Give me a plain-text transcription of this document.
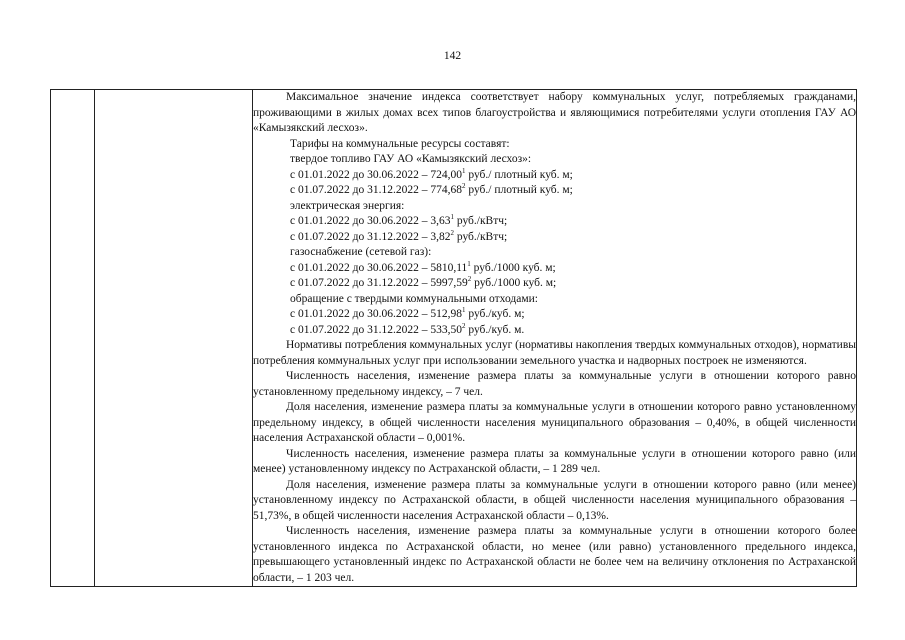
142

Максимальное значение индекса соответствует набору коммунальных услуг, потребляемых граждaнами, проживающими в жилых домах всех типов благоустройства и являющимися потребителями услуги отопления ГАУ АО «Камызякский лесхоз».
Тарифы на коммунальные ресурсы составят:
твердое топливо ГАУ АО «Камызякский лесхоз»:
с 01.01.2022 до 30.06.2022 – 724,00$^1$ руб./ плотный куб. м;
с 01.07.2022 до 31.12.2022 – 774,68$^2$ руб./ плотный куб. м;
электрическая энергия:
с 01.01.2022 до 30.06.2022 – 3,63$^1$ руб./кВтч;
с 01.07.2022 до 31.12.2022 – 3,82$^2$ руб./кВтч;
газоснабжение (сетевой газ):
с 01.01.2022 до 30.06.2022 – 5810,11$^1$ руб./1000 куб. м;
с 01.07.2022 до 31.12.2022 – 5997,59$^2$ руб./1000 куб. м;
обращение с твердыми коммунальными отходами:
с 01.01.2022 до 30.06.2022 – 512,98$^1$ руб./куб. м;
с 01.07.2022 до 31.12.2022 – 533,50$^2$ руб./куб. м.
Нормативы потребления коммунальных услуг (нормативы накопления твердых коммунальных отходов), нормативы потребления коммунальных услуг при использовании земельного участка и надворных построек не изменяются.
Численность населения, изменение размера платы за коммунальные услуги в отношении которого равно установленному предельному индексу, – 7 чел.
Доля населения, изменение размера платы за коммунальные услуги в отношении которого равно установленному предельному индексу, в общей численности населения муниципального образования – 0,40%, в общей численности населения Астраханской области – 0,001%.
Численность населения, изменение размера платы за коммунальные услуги в отношении которого равно (или менее) установленному индексу по Астраханской области, – 1 289 чел.
Доля населения, изменение размера платы за коммунальные услуги в отношении которого равно (или менее) установленному индексу по Астраханской области, в общей численности населения муниципального образования – 51,73%, в общей численности населения Астраханской области – 0,13%.
Численность населения, изменение размера платы за коммунальные услуги в отношении которого более установленного индекса по Астраханской области, но менее (или равно) установленного предельного индекса, превышающего установленный индекс по Астраханской области не более чем на величину отклонения по Астраханской области, – 1 203 чел.
